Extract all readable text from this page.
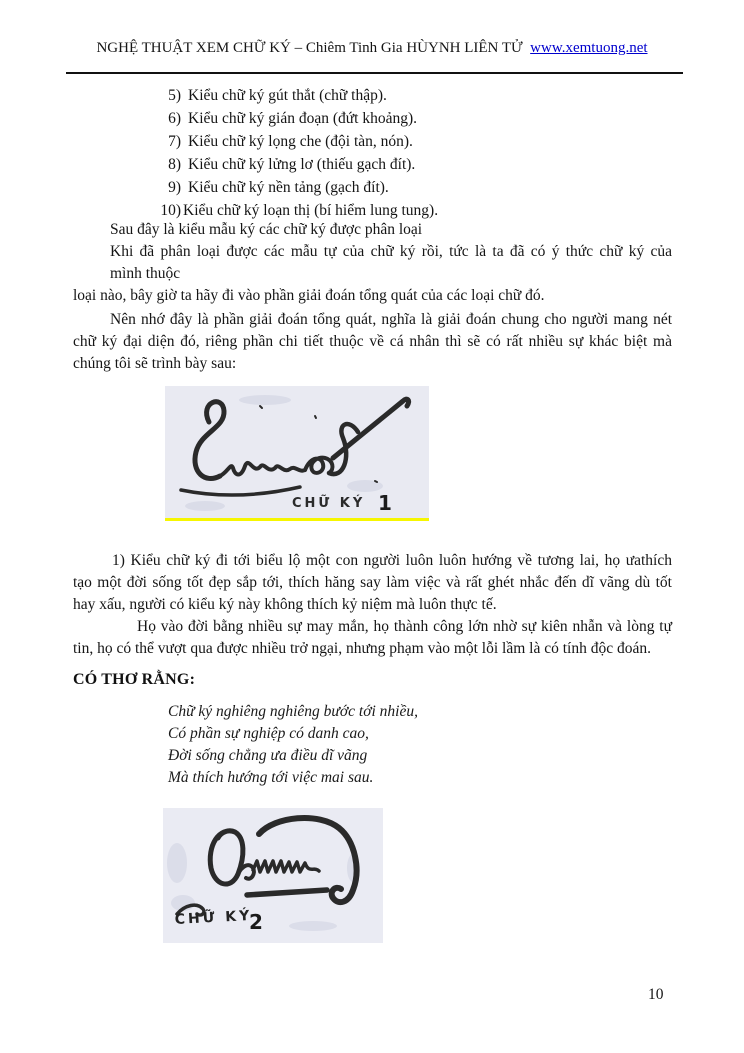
NGHỆ THUẬT XEM CHỮ KÝ – Chiêm Tinh Gia HÙYNH LIÊN TỬ www.xemtuong.net
5) Kiểu chữ ký gút thắt (chữ thập).
6) Kiểu chữ ký gián đoạn (đứt khoảng).
7) Kiểu chữ ký lọng che (đội tàn, nón).
8) Kiểu chữ ký lửng lơ (thiếu gạch đít).
9) Kiểu chữ ký nền tảng (gạch đít).
10) Kiểu chữ ký loạn thị (bí hiểm lung tung).
Sau đây là kiểu mẫu ký các chữ ký được phân loại
Khi đã phân loại được các mẫu tự của chữ ký rồi, tức là ta đã có ý thức chữ ký của
mình thuộc
loại nào, bây giờ ta hãy đi vào phần giải đoán tổng quát của các loại chữ đó.
Nên nhớ đây là phần giải đoán tổng quát, nghĩa là giải đoán chung cho người mang nét
chữ ký đại diện đó, riêng phần chi tiết thuộc về cá nhân thì sẽ có rất nhiều sự khác biệt mà
chúng tôi sẽ trình bày sau:
CHỮ KÝ 1
1) Kiểu chữ ký đi tới biểu lộ một con người luôn luôn hướng về tương lai, họ ưathích
tạo một đời sống tốt đẹp sắp tới, thích hăng say làm việc và rất ghét nhắc đến dĩ vãng dù tốt
hay xấu, người có kiểu ký này không thích kỷ niệm mà luôn thực tế.
Họ vào đời bằng nhiều sự may mắn, họ thành công lớn nhờ sự kiên nhẫn và lòng tự
tin, họ có thể vượt qua được nhiều trở ngại, nhưng phạm vào một lỗi lầm là có tính độc đoán.
CÓ THƠ RẰNG:
Chữ ký nghiêng nghiêng bước tới nhiều,
Có phần sự nghiệp có danh cao,
Đời sống chẳng ưa điều dĩ vãng
Mà thích hướng tới việc mai sau.
CHỮ KÝ
2
10
